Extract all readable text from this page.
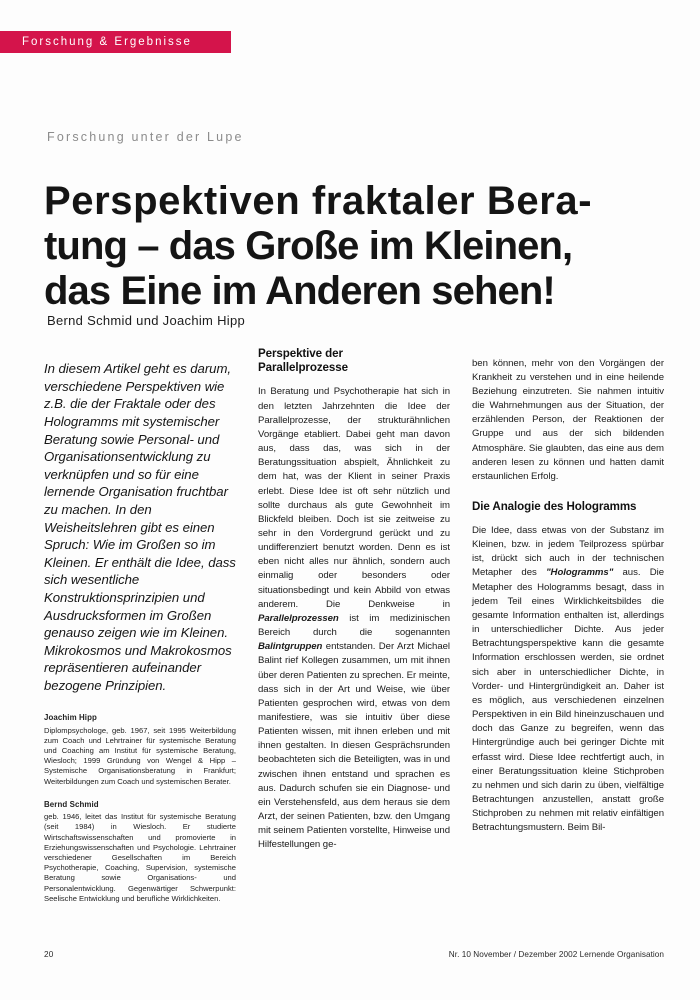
Forschung & Ergebnisse
Forschung unter der Lupe
Perspektiven fraktaler Bera-
tung – das Große im Kleinen,
das Eine im Anderen sehen!
Bernd Schmid und Joachim Hipp

In diesem Artikel geht es darum, verschiedene Perspektiven wie z.B. die der Fraktale oder des Hologramms mit systemischer Beratung sowie Personal- und Organisationsentwicklung zu verknüpfen und so für eine lernende Organisation fruchtbar zu machen. In den Weisheitslehren gibt es einen Spruch: Wie im Großen so im Kleinen. Er enthält die Idee, dass sich wesentliche Konstruktionsprinzipien und Ausdrucksformen im Großen genauso zeigen wie im Kleinen. Mikrokosmos und Makrokosmos repräsentieren aufeinander bezogene Prinzipien.

Joachim Hipp
Diplompsychologe, geb. 1967, seit 1995 Weiterbildung zum Coach und Lehrtrainer für systemische Beratung und Coaching am Institut für systemische Beratung, Wiesloch; 1999 Gründung von Wengel & Hipp – Systemische Organisationsberatung in Frankfurt; Weiterbildungen zum Coach und systemischen Berater.
Bernd Schmid
geb. 1946, leitet das Institut für systemische Beratung (seit 1984) in Wiesloch. Er studierte Wirtschaftswissenschaften und promovierte in Erziehungswissenschaften und Psychologie. Lehrtrainer verschiedener Gesellschaften im Bereich Psychotherapie, Coaching, Supervision, systemische Beratung sowie Organisations- und Personalentwicklung. Gegenwärtiger Schwerpunkt: Seelische Entwicklung und berufliche Wirklichkeiten.
Perspektive der
Parallelprozesse

In Beratung und Psychotherapie hat sich in den letzten Jahrzehnten die Idee der Parallelprozesse, der strukturähnlichen Vorgänge etabliert. Dabei geht man davon aus, dass das, was sich in der Beratungssituation abspielt, Ähnlichkeit zu dem hat, was der Klient in seiner Praxis erlebt. Diese Idee ist oft sehr nützlich und sollte durchaus als gute Gewohnheit im Blickfeld bleiben. Doch ist sie zeitweise zu sehr in den Vordergrund gerückt und zu undifferenziert benutzt worden. Denn es ist eben nicht alles nur ähnlich, sondern auch einmalig oder besonders oder situationsbedingt und kein Abbild von etwas anderem. Die Denkweise in Parallelprozessen ist im medizinischen Bereich durch die sogenannten Balintgruppen entstanden. Der Arzt Michael Balint rief Kollegen zusammen, um mit ihnen über deren Patienten zu sprechen. Er meinte, dass sich in der Art und Weise, wie über Patienten gesprochen wird, etwas von dem manifestiere, was sie intuitiv über diese Patienten wissen, mit ihnen erleben und mit ihnen gestalten. In diesen Gesprächsrunden beobachteten sich die Beteiligten, was in und zwischen ihnen entstand und sprachen es aus. Dadurch schufen sie ein Diagnose- und ein Verstehensfeld, aus dem heraus sie dem Arzt, der seinen Patienten, bzw. den Umgang mit seinem Patienten vorstellte, Hinweise und Hilfestellungen ge-

ben können, mehr von den Vorgängen der Krankheit zu verstehen und in eine heilende Beziehung einzutreten. Sie nahmen intuitiv die Wahrnehmungen aus der Situation, der erzählenden Person, der Reaktionen der Gruppe und aus der sich bildenden Atmosphäre. Sie glaubten, das eine aus dem anderen lesen zu können und hatten damit erstaunlichen Erfolg.

Die Analogie des Hologramms

Die Idee, dass etwas von der Substanz im Kleinen, bzw. in jedem Teilprozess spürbar ist, drückt sich auch in der technischen Metapher des "Hologramms" aus. Die Metapher des Hologramms besagt, dass in jedem Teil eines Wirklichkeitsbildes die gesamte Information enthalten ist, allerdings in unterschiedlicher Dichte. Aus jeder Betrachtungsperspektive kann die gesamte Information erschlossen werden, sie ordnet sich aber in unterschiedlicher Dichte, in Vorder- und Hintergründigkeit an. Daher ist es möglich, aus verschiedenen einzelnen Perspektiven in ein Bild hineinzuschauen und doch das Ganze zu begreifen, wenn das Hintergründige auch bei geringer Dichte mit erfasst wird. Diese Idee rechtfertigt auch, in einer Beratungssituation kleine Stichproben zu nehmen und sich darin zu üben, vielfältige Betrachtungen anzustellen, anstatt große Stichproben zu nehmen mit relativ einfältigen Betrachtungsmustern. Beim Bil-

20	Nr. 10 November / Dezember 2002 Lernende Organisation
